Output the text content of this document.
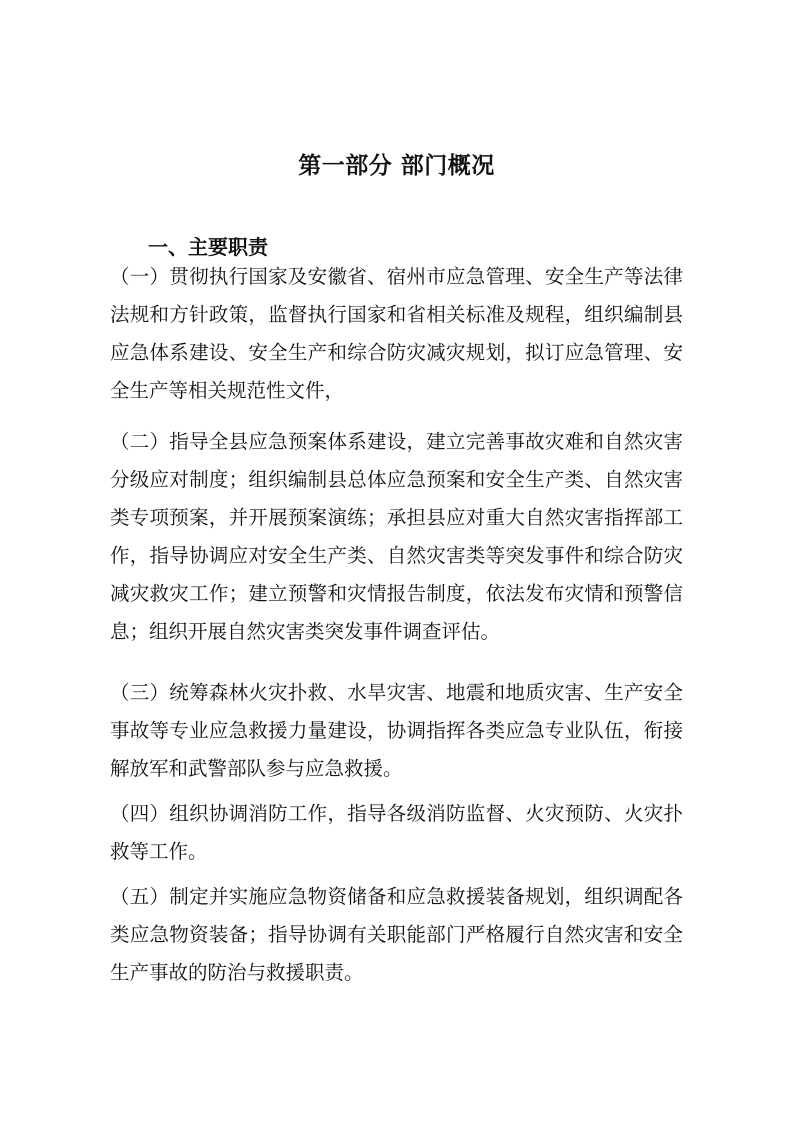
第一部分 部门概况
一、主要职责

（一）贯彻执行国家及安徽省、宿州市应急管理、安全生产等法律法规和方针政策，监督执行国家和省相关标准及规程，组织编制县应急体系建设、安全生产和综合防灾减灾规划，拟订应急管理、安全生产等相关规范性文件，

（二）指导全县应急预案体系建设，建立完善事故灾难和自然灾害分级应对制度；组织编制县总体应急预案和安全生产类、自然灾害类专项预案，并开展预案演练；承担县应对重大自然灾害指挥部工作，指导协调应对安全生产类、自然灾害类等突发事件和综合防灾减灾救灾工作；建立预警和灾情报告制度，依法发布灾情和预警信息；组织开展自然灾害类突发事件调查评估。

（三）统筹森林火灾扑救、水旱灾害、地震和地质灾害、生产安全事故等专业应急救援力量建设，协调指挥各类应急专业队伍，衔接解放军和武警部队参与应急救援。

（四）组织协调消防工作，指导各级消防监督、火灾预防、火灾扑救等工作。

（五）制定并实施应急物资储备和应急救援装备规划，组织调配各类应急物资装备；指导协调有关职能部门严格履行自然灾害和安全生产事故的防治与救援职责。
